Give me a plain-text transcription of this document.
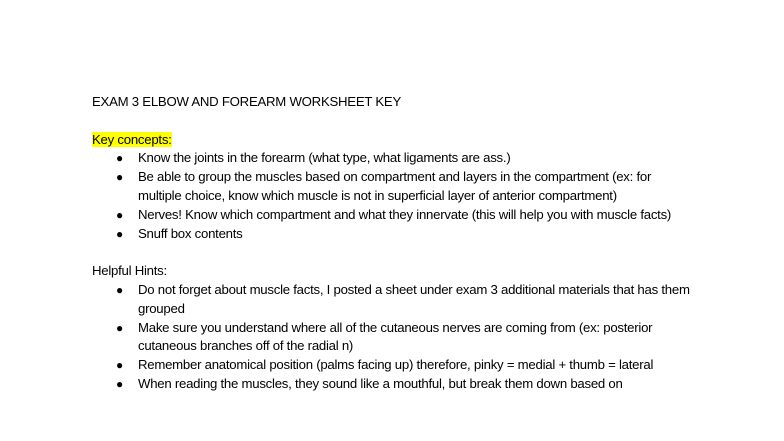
EXAM 3 ELBOW AND FOREARM WORKSHEET KEY

Key concepts:

● Know the joints in the forearm (what type, what ligaments are ass.)
● Be able to group the muscles based on compartment and layers in the compartment (ex: for multiple choice, know which muscle is not in superficial layer of anterior compartment)
● Nerves! Know which compartment and what they innervate (this will help you with muscle facts)
● Snuff box contents

Helpful Hints:

● Do not forget about muscle facts, I posted a sheet under exam 3 additional materials that has them grouped
● Make sure you understand where all of the cutaneous nerves are coming from (ex: posterior cutaneous branches off of the radial n)
● Remember anatomical position (palms facing up) therefore, pinky = medial + thumb = lateral
● When reading the muscles, they sound like a mouthful, but break them down based on
